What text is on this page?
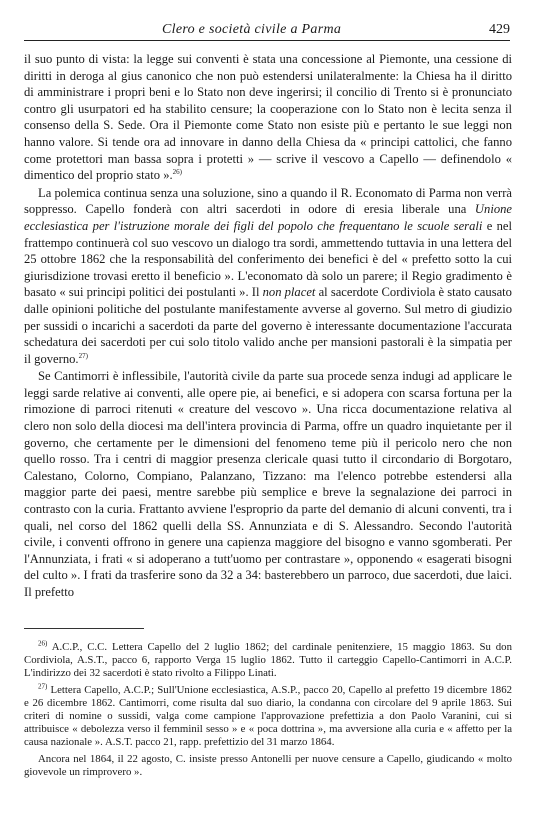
Clero e società civile a Parma	429

il suo punto di vista: la legge sui conventi è stata una concessione al Piemonte, una cessione di diritti in deroga al gius canonico che non può estendersi unilateralmente: la Chiesa ha il diritto di amministrare i propri beni e lo Stato non deve ingerirsi; il concilio di Trento si è pronunciato contro gli usurpatori ed ha stabilito censure; la cooperazione con lo Stato non è lecita senza il consenso della S. Sede. Ora il Piemonte come Stato non esiste più e pertanto le sue leggi non hanno valore. Si tende ora ad innovare in danno della Chiesa da « principi cattolici, che fanno come protettori man bassa sopra i protetti » — scrive il vescovo a Capello — definendolo « dimentico del proprio stato ».$^{26)}$

La polemica continua senza una soluzione, sino a quando il R. Economato di Parma non verrà soppresso. Capello fonderà con altri sacerdoti in odore di eresia liberale una Unione ecclesiastica per l'istruzione morale dei figli del popolo che frequentano le scuole serali e nel frattempo continuerà col suo vescovo un dialogo tra sordi, ammettendo tuttavia in una lettera del 25 ottobre 1862 che la responsabilità del conferimento dei benefici è del « prefetto sotto la cui giurisdizione trovasi eretto il beneficio ». L'economato dà solo un parere; il Regio gradimento è basato « sui principi politici dei postulanti ». Il non placet al sacerdote Cordiviola è stato causato dalle opinioni politiche del postulante manifestamente avverse al governo. Sul metro di giudizio per sussidi o incarichi a sacerdoti da parte del governo è interessante documentazione l'accurata schedatura dei sacerdoti per cui solo titolo valido anche per mansioni pastorali è la simpatia per il governo.$^{27)}$

Se Cantimorri è inflessibile, l'autorità civile da parte sua procede senza indugi ad applicare le leggi sarde relative ai conventi, alle opere pie, ai benefici, e si adopera con scarsa fortuna per la rimozione di parroci ritenuti « creature del vescovo ». Una ricca documentazione relativa al clero non solo della diocesi ma dell'intera provincia di Parma, offre un quadro inquietante per il governo, che certamente per le dimensioni del fenomeno teme più il pericolo nero che non quello rosso. Tra i centri di maggior presenza clericale quasi tutto il circondario di Borgotaro, Calestano, Colorno, Compiano, Palanzano, Tizzano: ma l'elenco potrebbe estendersi alla maggior parte dei paesi, mentre sarebbe più semplice e breve la segnalazione dei parroci in contrasto con la curia. Frattanto avviene l'esproprio da parte del demanio di alcuni conventi, tra i quali, nel corso del 1862 quelli della SS. Annunziata e di S. Alessandro. Secondo l'autorità civile, i conventi offrono in genere una capienza maggiore del bisogno e vanno sgomberati. Per l'Annunziata, i frati « si adoperano a tutt'uomo per contrastare », opponendo « esagerati bisogni del culto ». I frati da trasferire sono da 32 a 34: basterebbero un parroco, due sacerdoti, due laici. Il prefetto

$^{26)}$ A.C.P., C.C. Lettera Capello del 2 luglio 1862; del cardinale penitenziere, 15 maggio 1863. Su don Cordiviola, A.S.T., pacco 6, rapporto Verga 15 luglio 1862. Tutto il carteggio Capello-Cantimorri in A.C.P. L'indirizzo dei 32 sacerdoti è stato rivolto a Filippo Linati.

$^{27)}$ Lettera Capello, A.C.P.; Sull'Unione ecclesiastica, A.S.P., pacco 20, Capello al prefetto 19 dicembre 1862 e 26 dicembre 1862. Cantimorri, come risulta dal suo diario, la condanna con circolare del 9 aprile 1863. Sui criteri di nomine o sussidi, valga come campione l'approvazione prefettizia a don Paolo Varanini, cui si attribuisce « debolezza verso il femminil sesso » e « poca dottrina », ma avversione alla curia e « affetto per la causa nazionale ». A.S.T. pacco 21, rapp. prefettizio del 31 marzo 1864.

Ancora nel 1864, il 22 agosto, C. insiste presso Antonelli per nuove censure a Capello, giudicando « molto giovevole un rimprovero ».
